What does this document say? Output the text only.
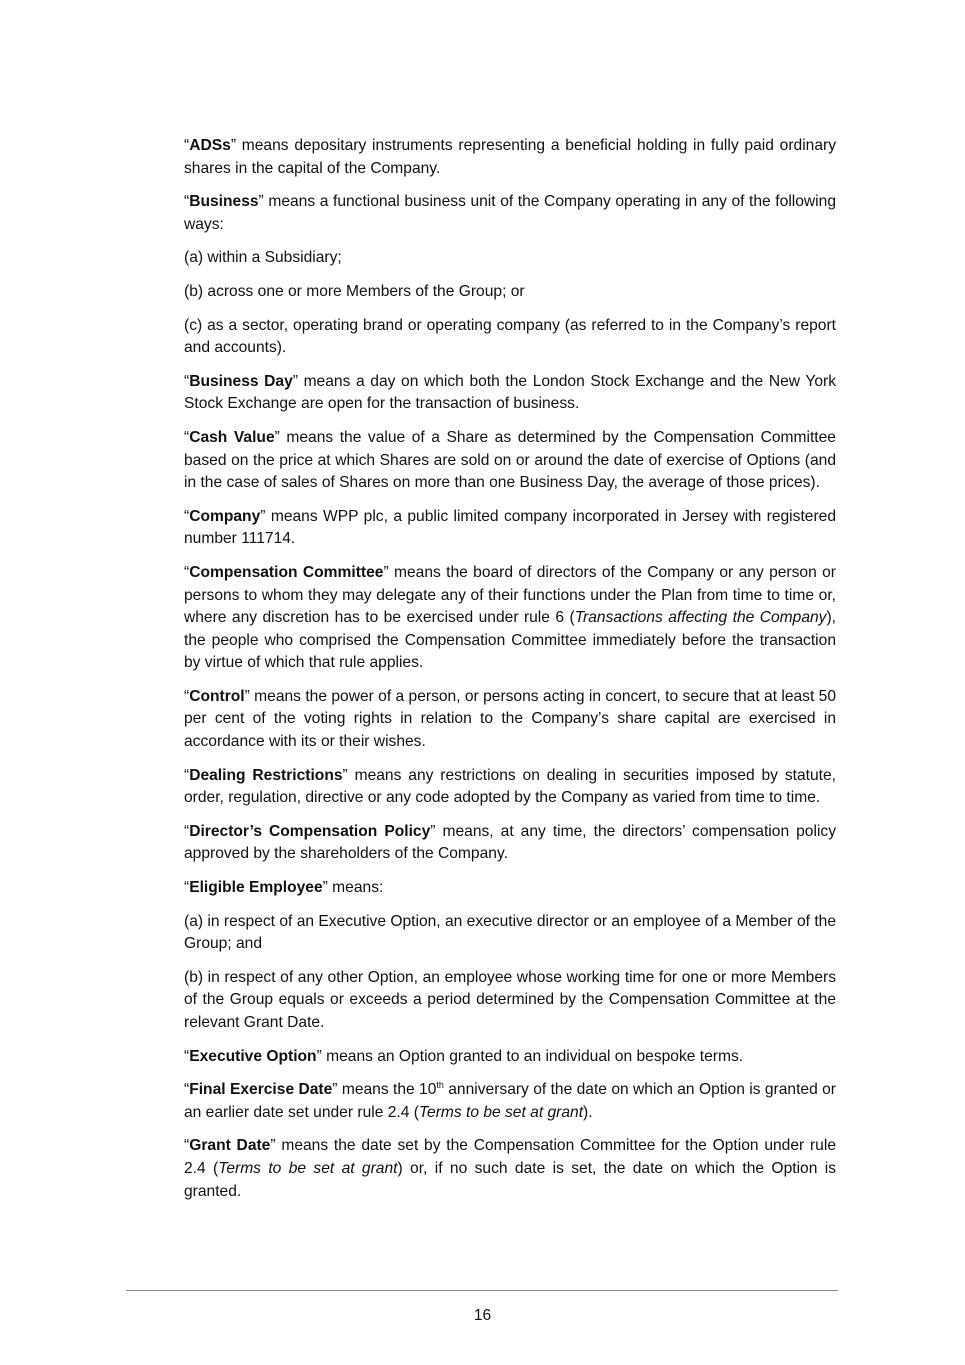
“ADSs” means depositary instruments representing a beneficial holding in fully paid ordinary shares in the capital of the Company.

“Business” means a functional business unit of the Company operating in any of the following ways:

(a) within a Subsidiary;

(b) across one or more Members of the Group; or

(c) as a sector, operating brand or operating company (as referred to in the Company’s report and accounts).

“Business Day” means a day on which both the London Stock Exchange and the New York Stock Exchange are open for the transaction of business.

“Cash Value” means the value of a Share as determined by the Compensation Committee based on the price at which Shares are sold on or around the date of exercise of Options (and in the case of sales of Shares on more than one Business Day, the average of those prices).

“Company” means WPP plc, a public limited company incorporated in Jersey with registered number 111714.

“Compensation Committee” means the board of directors of the Company or any person or persons to whom they may delegate any of their functions under the Plan from time to time or, where any discretion has to be exercised under rule 6 (Transactions affecting the Company), the people who comprised the Compensation Committee immediately before the transaction by virtue of which that rule applies.

“Control” means the power of a person, or persons acting in concert, to secure that at least 50 per cent of the voting rights in relation to the Company’s share capital are exercised in accordance with its or their wishes.

“Dealing Restrictions” means any restrictions on dealing in securities imposed by statute, order, regulation, directive or any code adopted by the Company as varied from time to time.

“Director’s Compensation Policy” means, at any time, the directors’ compensation policy approved by the shareholders of the Company.

“Eligible Employee” means:

(a) in respect of an Executive Option, an executive director or an employee of a Member of the Group; and

(b) in respect of any other Option, an employee whose working time for one or more Members of the Group equals or exceeds a period determined by the Compensation Committee at the relevant Grant Date.

“Executive Option” means an Option granted to an individual on bespoke terms.

“Final Exercise Date” means the 10th anniversary of the date on which an Option is granted or an earlier date set under rule 2.4 (Terms to be set at grant).

“Grant Date” means the date set by the Compensation Committee for the Option under rule 2.4 (Terms to be set at grant) or, if no such date is set, the date on which the Option is granted.

16
